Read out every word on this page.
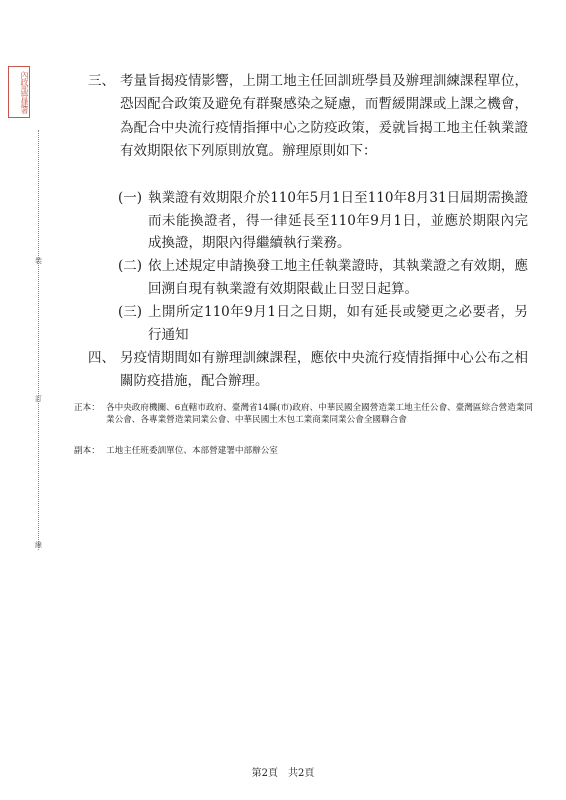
內政部營建署
裝
訂
線
三、 考量旨揭疫情影響，上開工地主任回訓班學員及辦理訓練課程單位，恐因配合政策及避免有群聚感染之疑慮，而暫緩開課或上課之機會，為配合中央流行疫情指揮中心之防疫政策，爰就旨揭工地主任執業證有效期限依下列原則放寬。辦理原則如下：
(一) 執業證有效期限介於110年5月1日至110年8月31日屆期需換證而未能換證者，得一律延長至110年9月1日，並應於期限內完成換證，期限內得繼續執行業務。
(二) 依上述規定申請換發工地主任執業證時，其執業證之有效期，應回溯自現有執業證有效期限截止日翌日起算。
(三) 上開所定110年9月1日之日期，如有延長或變更之必要者，另行通知
四、 另疫情期間如有辦理訓練課程，應依中央流行疫情指揮中心公布之相關防疫措施，配合辦理。
正本： 各中央政府機關、6直轄市政府、臺灣省14縣(市)政府、中華民國全國營造業工地主任公會、臺灣區綜合營造業同業公會、各專業營造業同業公會、中華民國土木包工業商業同業公會全國聯合會
副本： 工地主任班委訓單位、本部營建署中部辦公室
第2頁　共2頁
